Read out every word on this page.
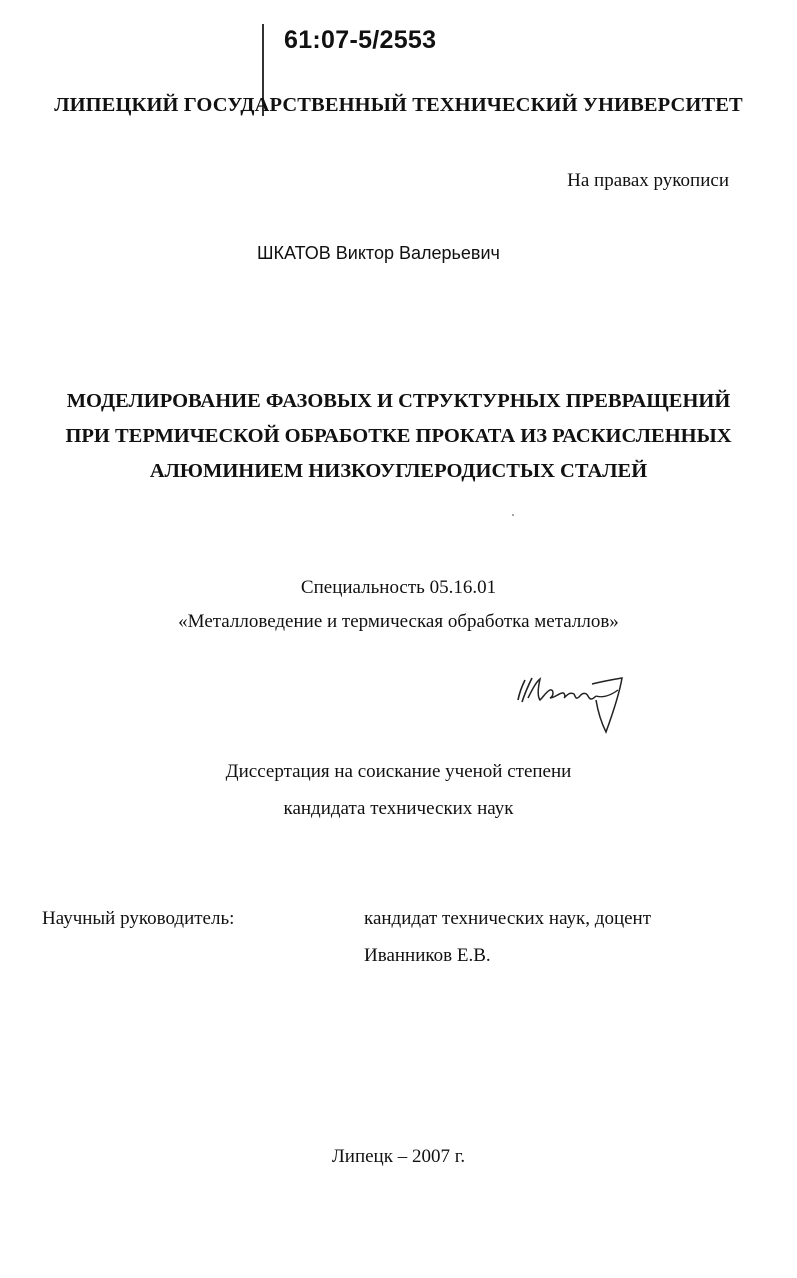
61:07-5/2553
ЛИПЕЦКИЙ ГОСУДАРСТВЕННЫЙ ТЕХНИЧЕСКИЙ УНИВЕРСИТЕТ
На правах рукописи
ШКАТОВ Виктор Валерьевич
МОДЕЛИРОВАНИЕ ФАЗОВЫХ И СТРУКТУРНЫХ ПРЕВРАЩЕНИЙ
ПРИ ТЕРМИЧЕСКОЙ ОБРАБОТКЕ ПРОКАТА ИЗ РАСКИСЛЕННЫХ
АЛЮМИНИЕМ НИЗКОУГЛЕРОДИСТЫХ СТАЛЕЙ
Специальность 05.16.01
«Металловедение и термическая обработка металлов»
Диссертация на соискание ученой степени
кандидата технических наук
Научный руководитель:	кандидат технических наук, доцент
Иванников Е.В.
Липецк – 2007 г.
